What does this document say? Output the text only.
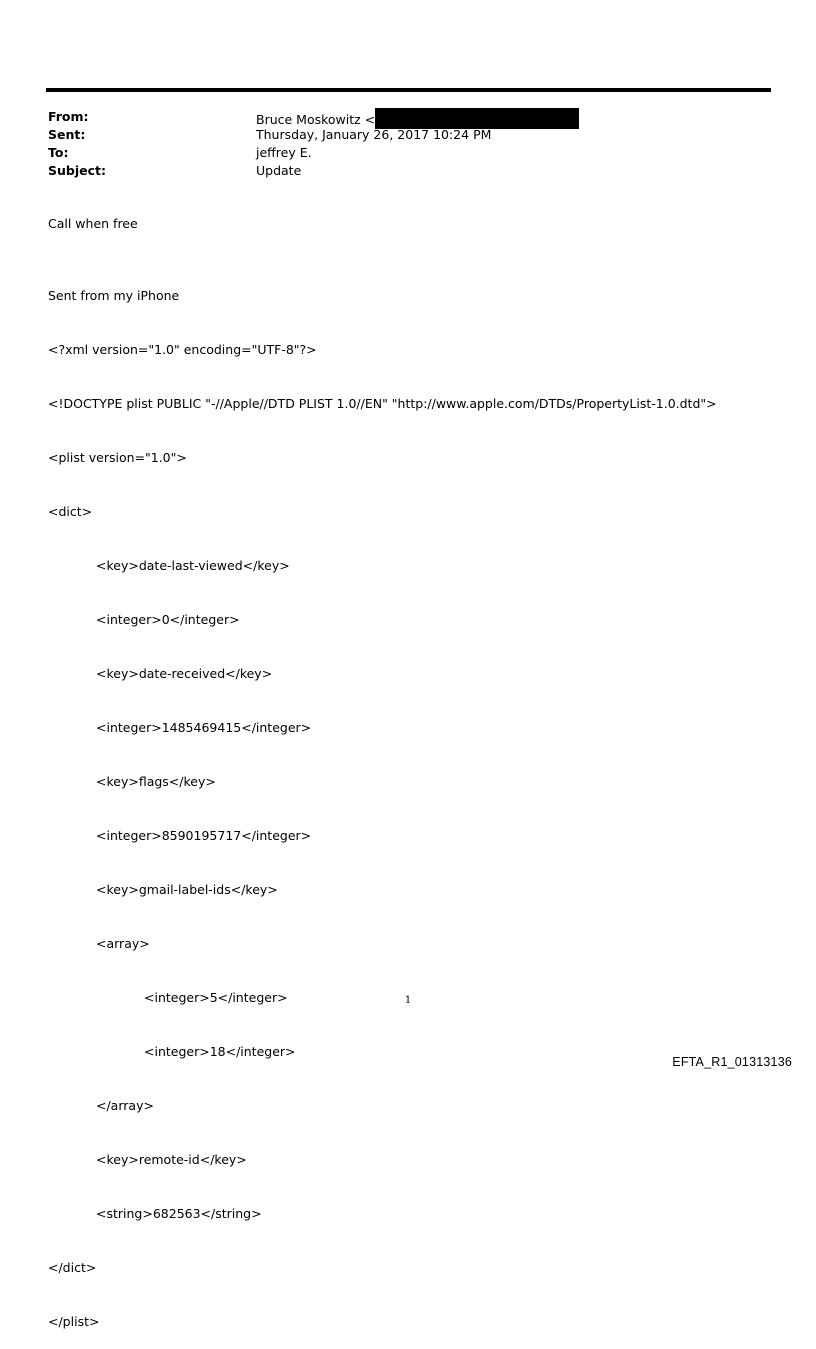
From:	Bruce Moskowitz <
Sent:	Thursday, January 26, 2017 10:24 PM
To:	jeffrey E.
Subject:	Update
Call when free

Sent from my iPhone

<?xml version="1.0" encoding="UTF-8"?>

<!DOCTYPE plist PUBLIC "-//Apple//DTD PLIST 1.0//EN" "http://www.apple.com/DTDs/PropertyList-1.0.dtd">

<plist version="1.0">

<dict>

<key>date-last-viewed</key>

<integer>0</integer>

<key>date-received</key>

<integer>1485469415</integer>

<key>flags</key>

<integer>8590195717</integer>

<key>gmail-label-ids</key>

<array>

<integer>5</integer>

<integer>18</integer>

</array>

<key>remote-id</key>

<string>682563</string>

</dict>

</plist>

1
EFTA_R1_01313136
